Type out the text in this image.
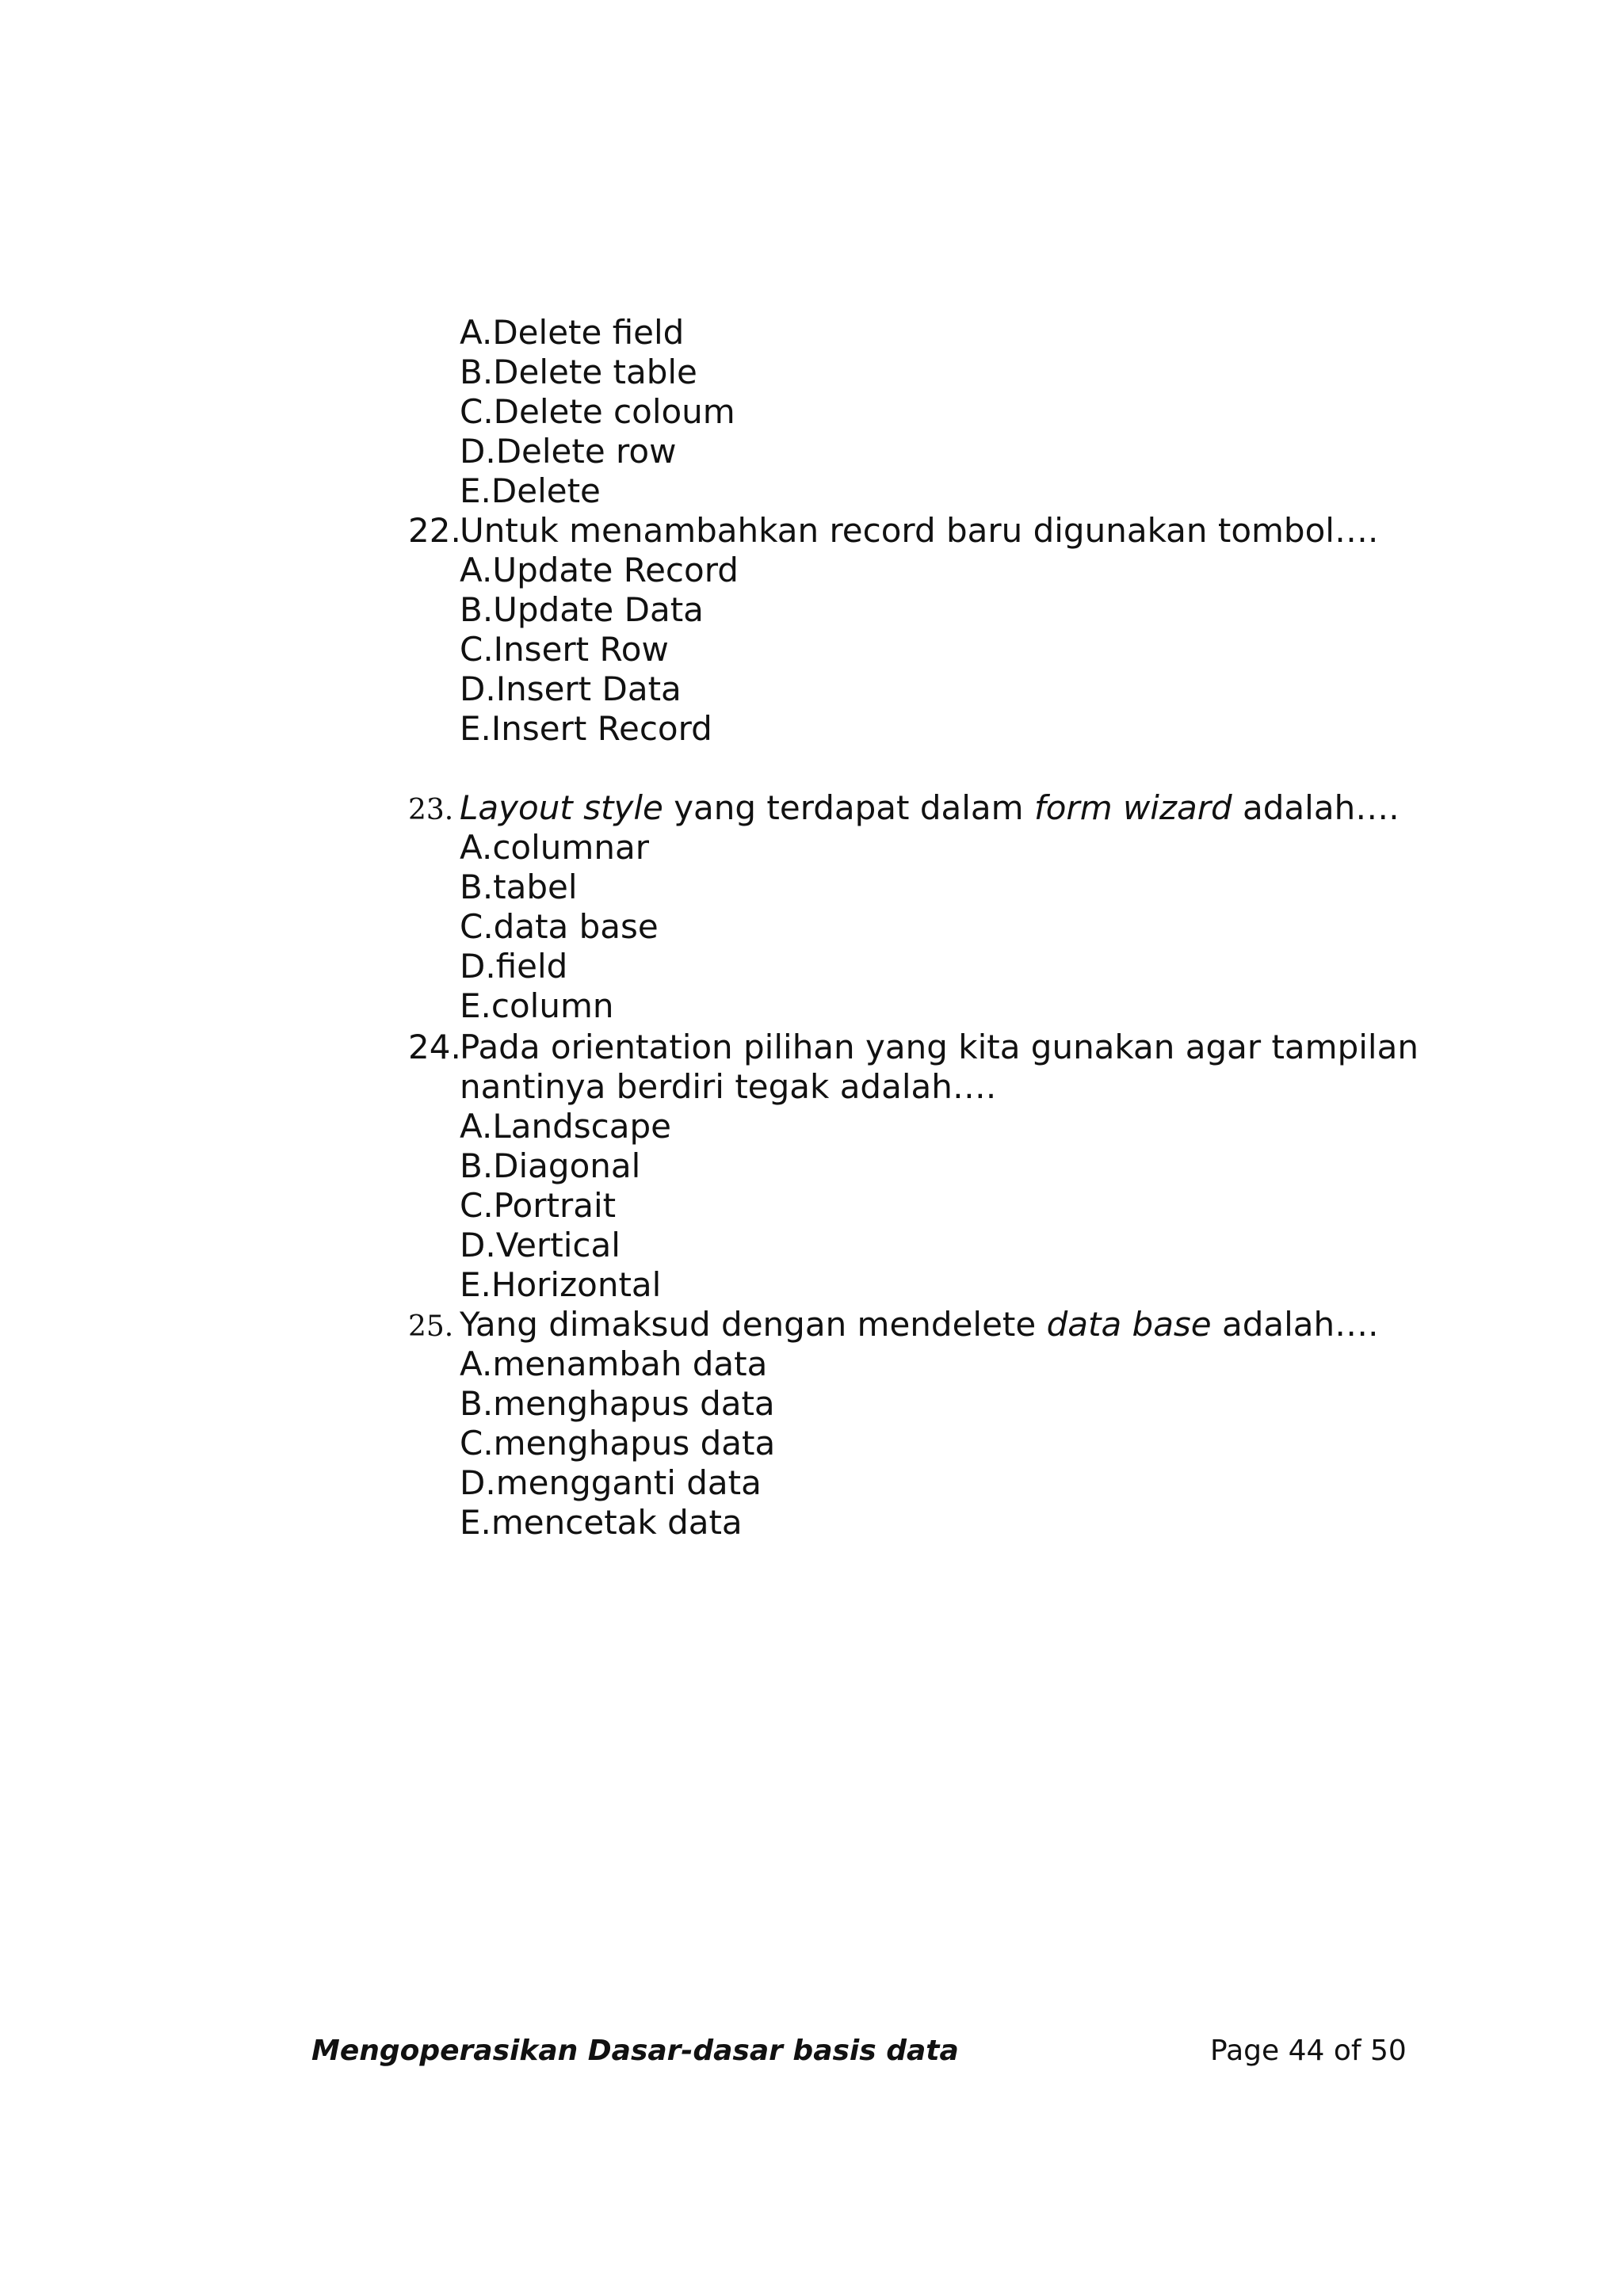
A.Delete field
B.Delete table
C.Delete coloum
D.Delete row
E.Delete
22.
Untuk menambahkan record baru digunakan tombol….
A.Update Record
B.Update Data
C.Insert Row
D.Insert Data
E.Insert Record
23. Layout style yang terdapat dalam form wizard adalah….
A.columnar
B.tabel
C.data base
D.field
E.column
24.
Pada orientation pilihan yang kita gunakan agar tampilan
nantinya berdiri tegak adalah….
A.Landscape
B.Diagonal
C.Portrait
D.Vertical
E.Horizontal
25. Yang dimaksud dengan mendelete data base adalah….
A.menambah data
B.menghapus data
C.menghapus data
D.mengganti data
E.mencetak data
Mengoperasikan Dasar-dasar basis data	Page 44 of 50
